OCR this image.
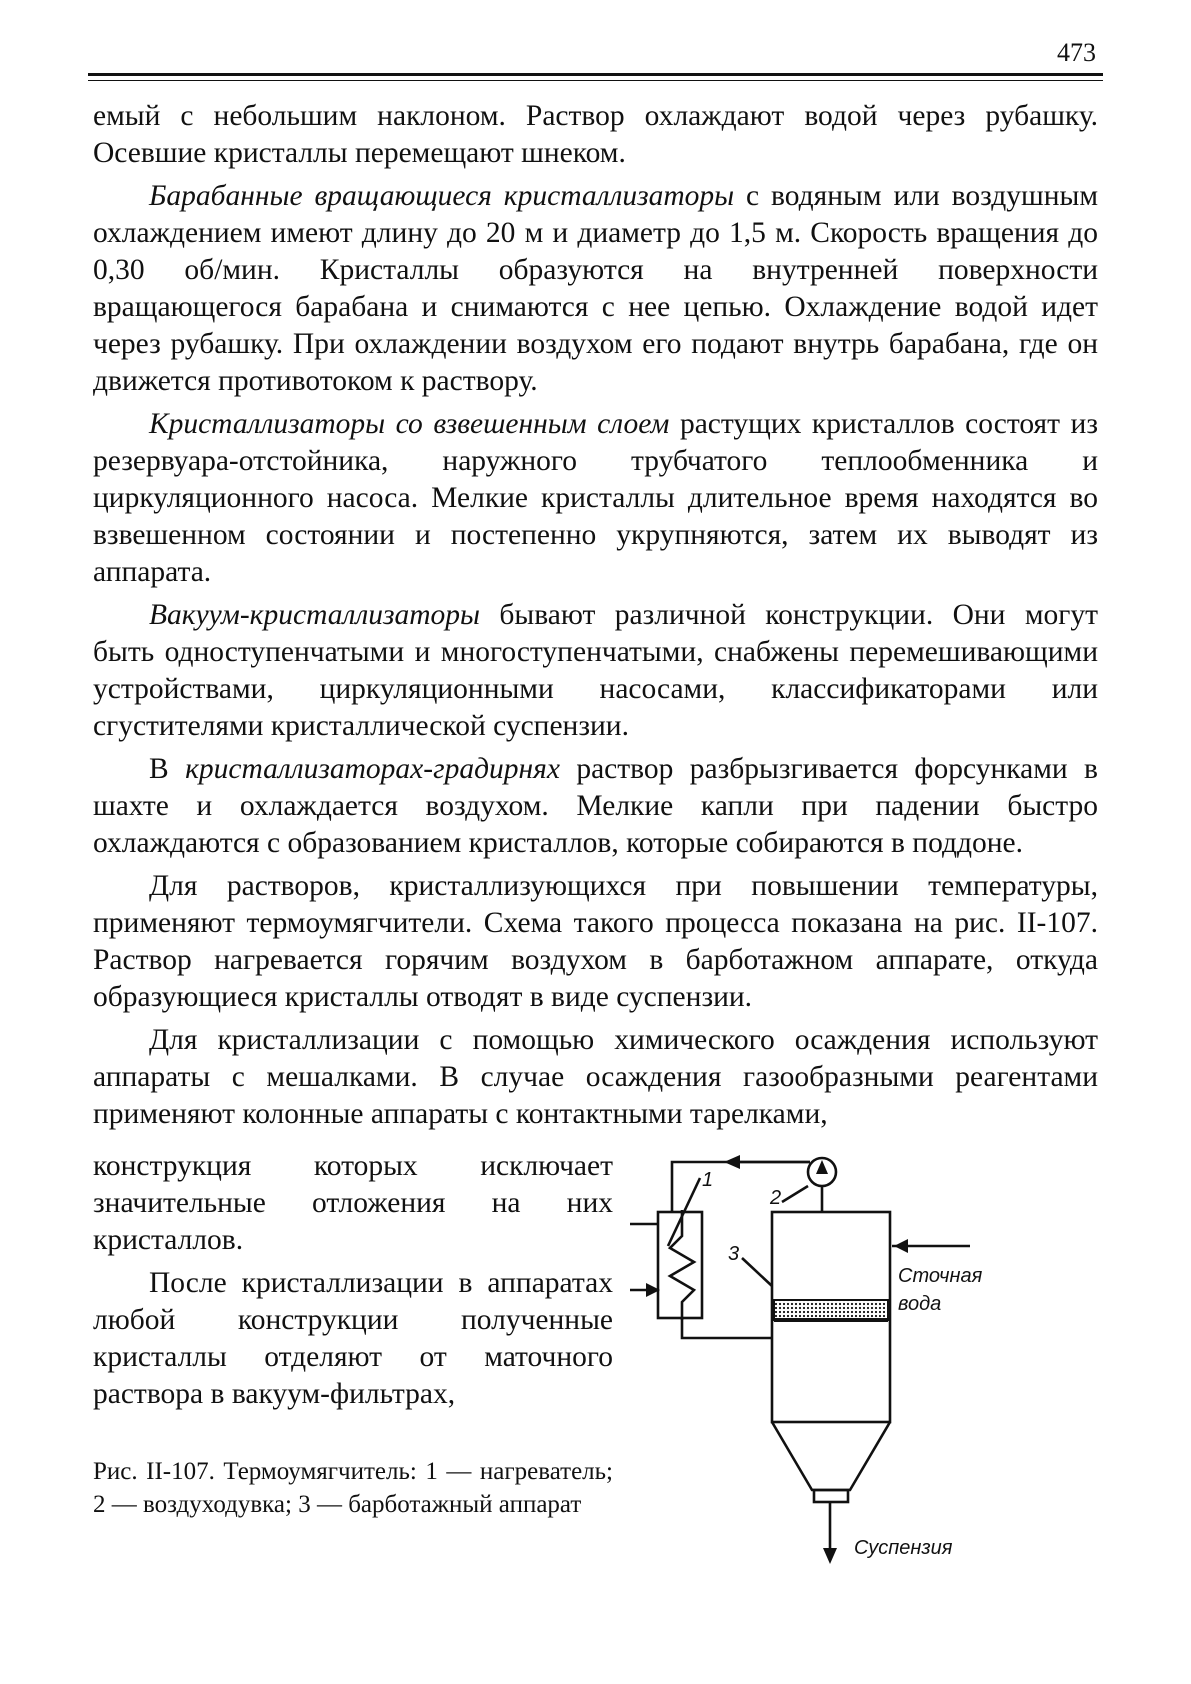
473

емый с небольшим наклоном. Раствор охлаждают водой через рубашку. Осевшие кристаллы перемещают шнеком.

Барабанные вращающиеся кристаллизаторы с водяным или воздушным охлаждением имеют длину до 20 м и диаметр до 1,5 м. Скорость вращения до 0,30 об/мин. Кристаллы образуются на внутренней поверхности вращающегося барабана и снимаются с нее цепью. Охлаждение водой идет через рубашку. При охлаждении воздухом его подают внутрь барабана, где он движется противотоком к раствору.

Кристаллизаторы со взвешенным слоем растущих кристаллов состоят из резервуара-отстойника, наружного трубчатого теплообменника и циркуляционного насоса. Мелкие кристаллы длительное время находятся во взвешенном состоянии и постепенно укрупняются, затем их выводят из аппарата.

Вакуум-кристаллизаторы бывают различной конструкции. Они могут быть одноступенчатыми и многоступенчатыми, снабжены перемешивающими устройствами, циркуляционными насосами, классификаторами или сгустителями кристаллической суспензии.

В кристаллизаторах-градирнях раствор разбрызгивается форсунками в шахте и охлаждается воздухом. Мелкие капли при падении быстро охлаждаются с образованием кристаллов, которые собираются в поддоне.

Для растворов, кристаллизующихся при повышении температуры, применяют термоумягчители. Схема такого процесса показана на рис. II-107. Раствор нагревается горячим воздухом в барботажном аппарате, откуда образующиеся кристаллы отводят в виде суспензии.

Для кристаллизации с помощью химического осаждения используют аппараты с мешалками. В случае осаждения газообразными реагентами применяют колонные аппараты с контактными тарелками,

конструкция которых исключает значительные отложения на них кристаллов.

После кристаллизации в аппаратах любой конструкции полученные кристаллы отделяют от маточного раствора в вакуум-фильтрах,

Рис. II-107. Термоумягчитель: 1 — нагреватель; 2 — воздуходувка; 3 — барботажный аппарат
1
2
3
Сточная
вода
Суспензия
